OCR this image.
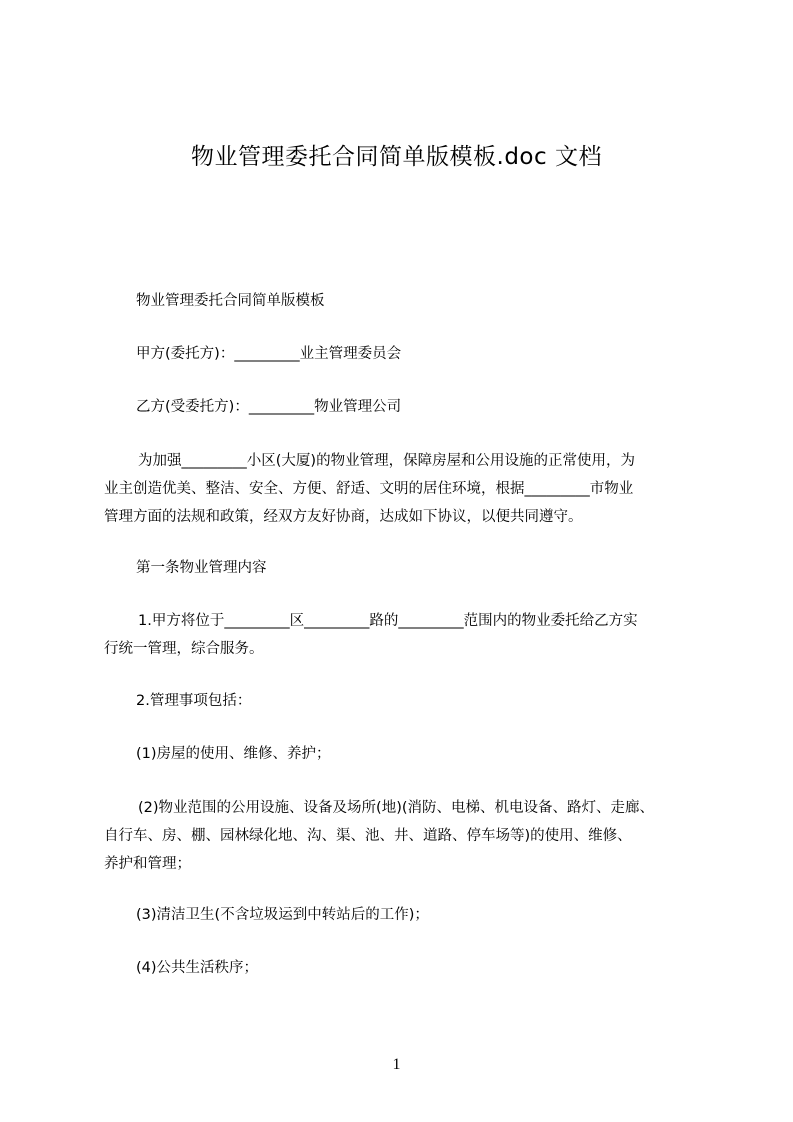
物业管理委托合同简单版模板.doc 文档
物业管理委托合同简单版模板
甲方(委托方)：_________业主管理委员会
乙方(受委托方)：_________物业管理公司
为加强_________小区(大厦)的物业管理，保障房屋和公用设施的正常使用，为
业主创造优美、整洁、安全、方便、舒适、文明的居住环境，根据_________市物业
管理方面的法规和政策，经双方友好协商，达成如下协议，以便共同遵守。
第一条物业管理内容
1.甲方将位于_________区_________路的_________范围内的物业委托给乙方实
行统一管理，综合服务。
2.管理事项包括：
(1)房屋的使用、维修、养护；
(2)物业范围的公用设施、设备及场所(地)(消防、电梯、机电设备、路灯、走廊、
自行车、房、棚、园林绿化地、沟、渠、池、井、道路、停车场等)的使用、维修、
养护和管理；
(3)清洁卫生(不含垃圾运到中转站后的工作)；
(4)公共生活秩序；
1
